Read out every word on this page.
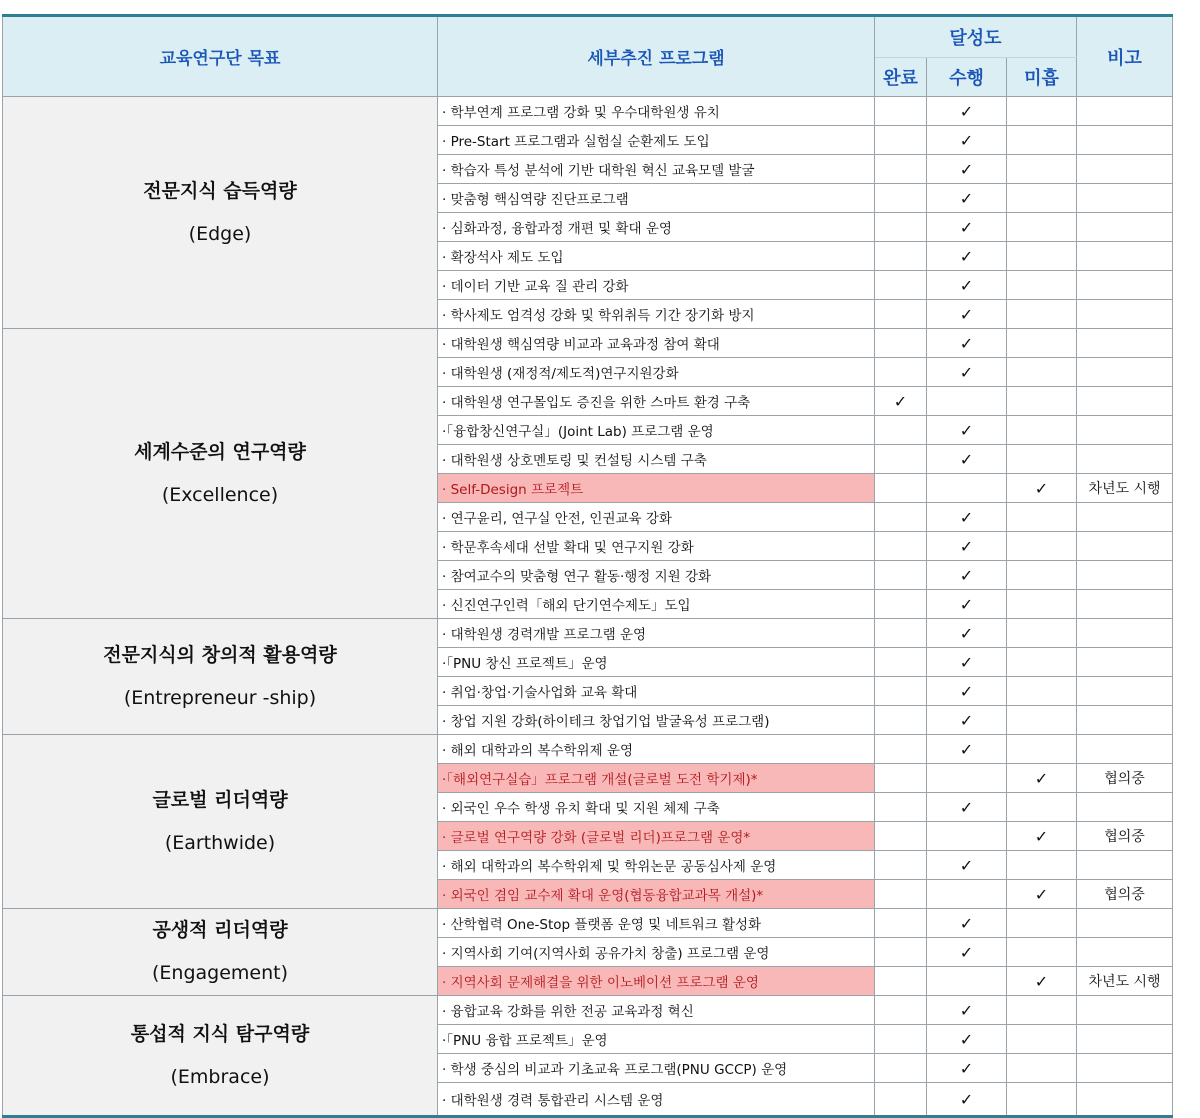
교육연구단 목표	세부추진 프로그램	달성도			비고
		완료	수행	미흡	

전문지식 습득역량
(Edge)	· 학부연계 프로그램 강화 및 우수대학원생 유치		✓		
	· Pre-Start 프로그램과 실험실 순환제도 도입		✓		
	· 학습자 특성 분석에 기반 대학원 혁신 교육모델 발굴		✓		
	· 맞춤형 핵심역량 진단프로그램		✓		
	· 심화과정, 융합과정 개편 및 확대 운영		✓		
	· 확장석사 제도 도입		✓		
	· 데이터 기반 교육 질 관리 강화		✓		
	· 학사제도 엄격성 강화 및 학위취득 기간 장기화 방지		✓		

세계수준의 연구역량
(Excellence)	· 대학원생 핵심역량 비교과 교육과정 참여 확대		✓		
	· 대학원생 (재정적/제도적)연구지원강화		✓		
	· 대학원생 연구몰입도 증진을 위한 스마트 환경 구축	✓			
	·「융합창신연구실」(Joint Lab) 프로그램 운영		✓		
	· 대학원생 상호멘토링 및 컨설팅 시스템 구축		✓		
	· Self-Design 프로젝트			✓	차년도 시행
	· 연구윤리, 연구실 안전, 인권교육 강화		✓		
	· 학문후속세대 선발 확대 및 연구지원 강화		✓		
	· 참여교수의 맞춤형 연구 활동·행정 지원 강화		✓		
	· 신진연구인력「해외 단기연수제도」도입		✓		

전문지식의 창의적 활용역량
(Entrepreneur -ship)	· 대학원생 경력개발 프로그램 운영		✓		
	·「PNU 창신 프로젝트」운영		✓		
	· 취업·창업·기술사업화 교육 확대		✓		
	· 창업 지원 강화(하이테크 창업기업 발굴육성 프로그램)		✓		

글로벌 리더역량
(Earthwide)	· 해외 대학과의 복수학위제 운영		✓		
	·「해외연구실습」프로그램 개설(글로벌 도전 학기제)*			✓	협의중
	· 외국인 우수 학생 유치 확대 및 지원 체제 구축		✓		
	· 글로벌 연구역량 강화 (글로벌 리더)프로그램 운영*			✓	협의중
	· 해외 대학과의 복수학위제 및 학위논문 공동심사제 운영		✓		
	· 외국인 겸임 교수제 확대 운영(협동융합교과목 개설)*			✓	협의중

공생적 리더역량
(Engagement)	· 산학협력 One-Stop 플랫폼 운영 및 네트워크 활성화		✓		
	· 지역사회 기여(지역사회 공유가치 창출) 프로그램 운영		✓		
	· 지역사회 문제해결을 위한 이노베이션 프로그램 운영			✓	차년도 시행

통섭적 지식 탐구역량
(Embrace)	· 융합교육 강화를 위한 전공 교육과정 혁신		✓		
	·「PNU 융합 프로젝트」운영		✓		
	· 학생 중심의 비교과 기초교육 프로그램(PNU GCCP) 운영		✓		
	· 대학원생 경력 통합관리 시스템 운영		✓		
